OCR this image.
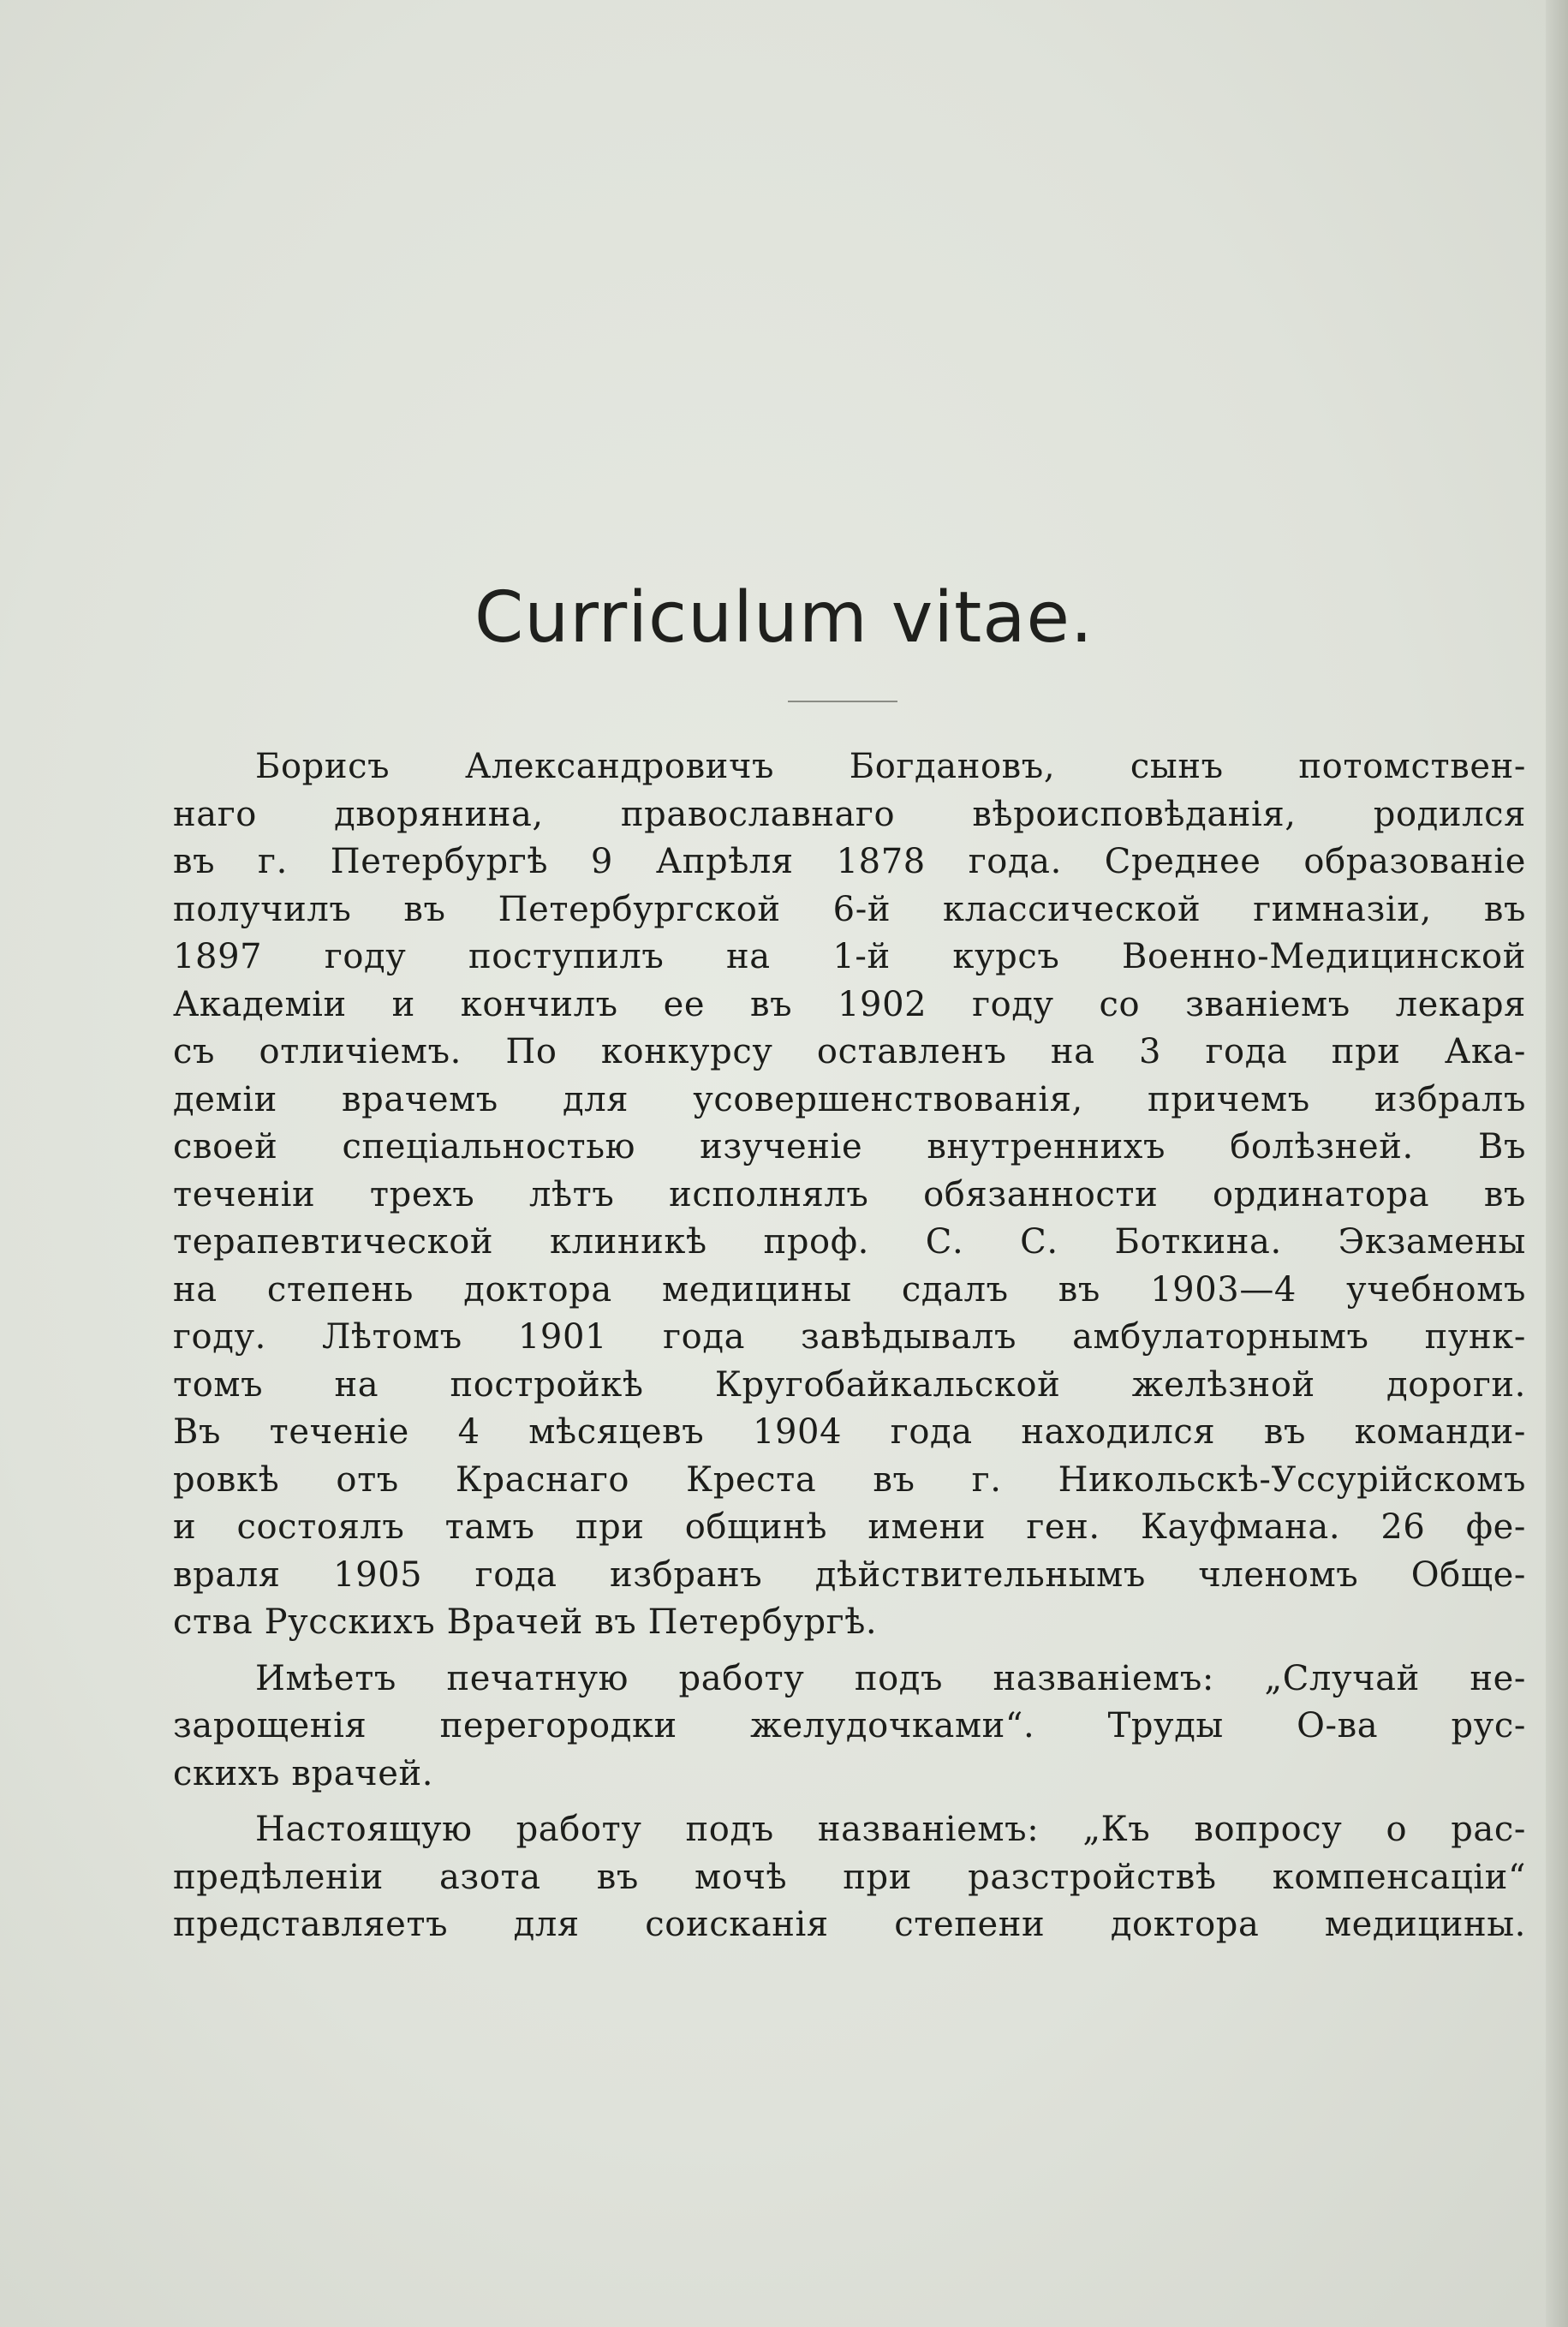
Curriculum vitae.
Борисъ Александровичъ Богдановъ, сынъ потомствен-
наго дворянина, православнаго вѣроисповѣданія, родился
въ г. Петербургѣ 9 Апрѣля 1878 года. Среднее образованіе
получилъ въ Петербургской 6-й классической гимназіи, въ
1897 году поступилъ на 1-й курсъ Военно-Медицинской
Академіи и кончилъ ее въ 1902 году со званіемъ лекаря
съ отличіемъ. По конкурсу оставленъ на 3 года при Ака-
деміи врачемъ для усовершенствованія, причемъ избралъ
своей спеціальностью изученіе внутреннихъ болѣзней. Въ
теченіи трехъ лѣтъ исполнялъ обязанности ординатора въ
терапевтической клиникѣ проф. С. С. Боткина. Экзамены
на степень доктора медицины сдалъ въ 1903—4 учебномъ
году. Лѣтомъ 1901 года завѣдывалъ амбулаторнымъ пунк-
томъ на постройкѣ Кругобайкальской желѣзной дороги.
Въ теченіе 4 мѣсяцевъ 1904 года находился въ команди-
ровкѣ отъ Краснаго Креста въ г. Никольскѣ-Уссурійскомъ
и состоялъ тамъ при общинѣ имени ген. Кауфмана. 26 фе-
враля 1905 года избранъ дѣйствительнымъ членомъ Обще-
ства Русскихъ Врачей въ Петербургѣ.
Имѣетъ печатную работу подъ названіемъ: „Случай не-
зарощенія перегородки желудочками“. Труды О-ва рус-
скихъ врачей.
Настоящую работу подъ названіемъ: „Къ вопросу о рас-
предѣленіи азота въ мочѣ при разстройствѣ компенсаціи“
представляетъ для соисканія степени доктора медицины.
